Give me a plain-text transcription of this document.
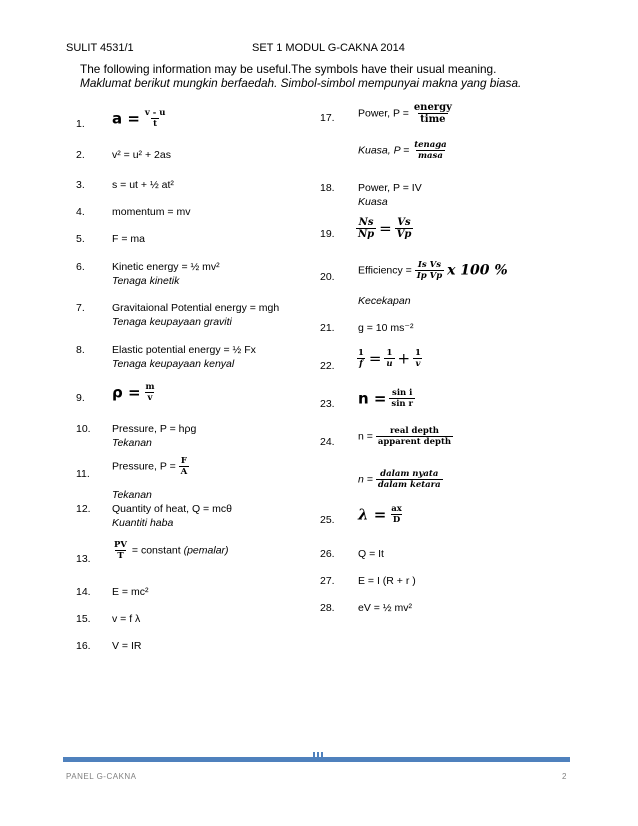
SULIT 4531/1	SET 1 MODUL G-CAKNA 2014
The following information may be useful.The symbols have their usual meaning.
Maklumat berikut mungkin berfaedah. Simbol-simbol mempunyai makna yang biasa.
1. $a = \frac{v - u}{t}$
2.	v² = u² + 2as
3.	s = ut + ½ at²
4.	momentum = mv
5.	F = ma
6.	Kinetic energy = ½ mv²
Tenaga kinetik
7.	Gravitaional Potential energy = mgh
Tenaga keupayaan graviti
8.	Elastic potential energy = ½ Fx
Tenaga keupayaan kenyal
9. $\rho = \frac{m}{v}$
10. Pressure, P = hρg
Tekanan
11.
Pressure, $P = \frac{F}{A}$
Tekanan
12. Quantity of heat, Q = mcθ
Kuantiti haba
13.	$\frac{PV}{T}$ = constant (pemalar)
14. E = mc²
15. v = f λ
16. V = IR
17. Power, P = energy
time
Kuasa, P = tenaga
masa
18. Power, P = IV
Kuasa
19. $\frac{Ns}{Np} = \frac{Vs}{Vp}$
20.
Efficiency = $\frac{\text{Is Vs}}{\text{Ip Vp}}$ x 100 %
Kecekapan
21. g = 10 ms⁻²
22.	$\frac{1}{f} = \frac{1}{u} + \frac{1}{v}$
23. $n = \frac{\text{sin i}}{\text{sin r}}$
24. n = real depth
apparent depth
n = dalam nyata
dalam ketara
25. $\lambda = \frac{ax}{D}$
26. Q = It
27. E = I (R + r )
28. eV = ½ mv²
PANEL G-CAKNA	2
